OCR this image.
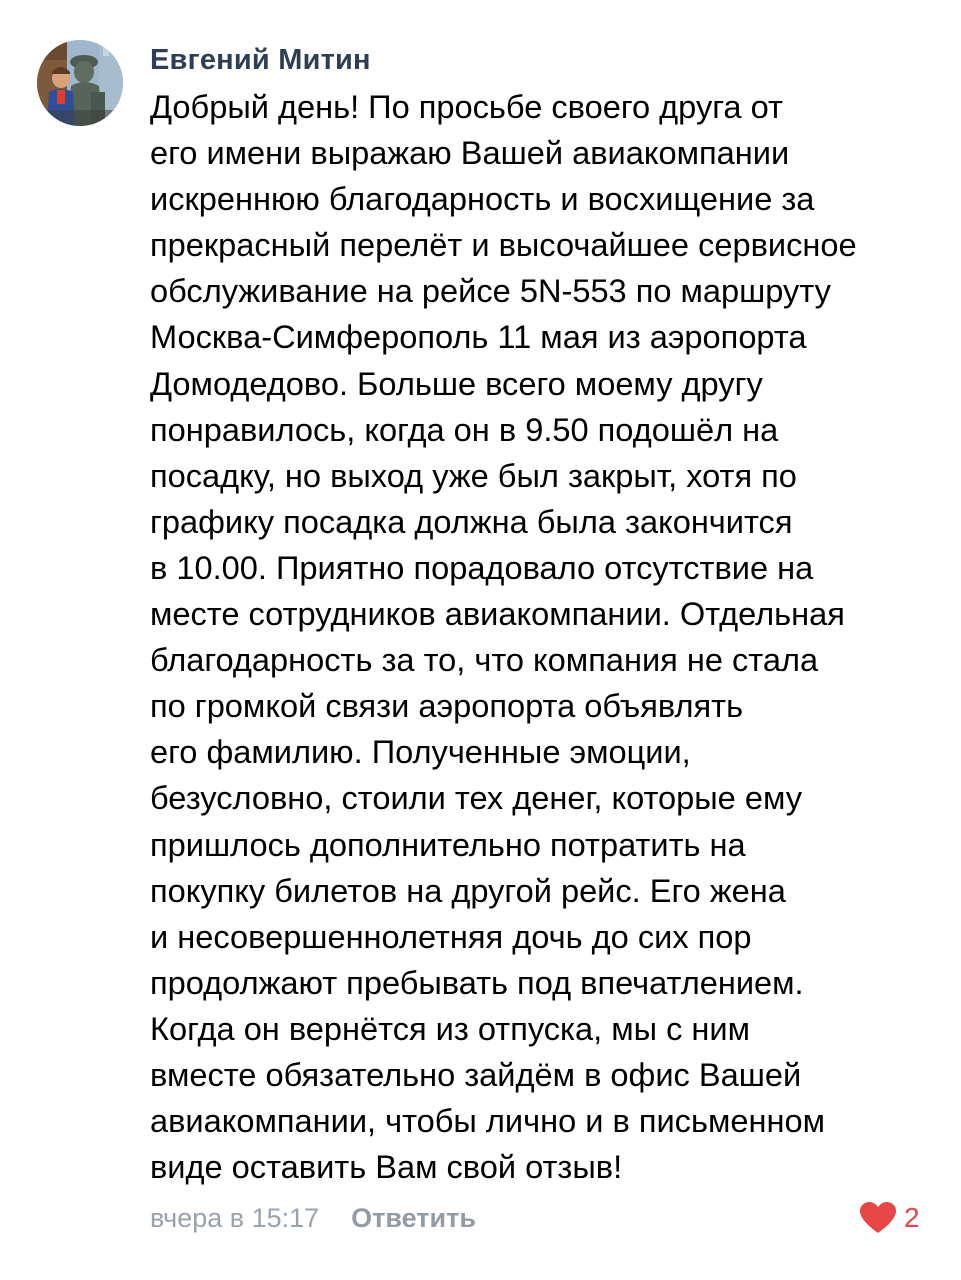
Евгений Митин

Добрый день! По просьбе своего друга от
его имени выражаю Вашей авиакомпании
искреннюю благодарность и восхищение за
прекрасный перелёт и высочайшее сервисное
обслуживание на рейсе 5N-553 по маршруту
Москва-Симферополь 11 мая из аэропорта
Домодедово. Больше всего моему другу
понравилось, когда он в 9.50 подошёл на
посадку, но выход уже был закрыт, хотя по
графику посадка должна была закончится
в 10.00. Приятно порадовало отсутствие на
месте сотрудников авиакомпании. Отдельная
благодарность за то, что компания не стала
по громкой связи аэропорта объявлять
его фамилию. Полученные эмоции,
безусловно, стоили тех денег, которые ему
пришлось дополнительно потратить на
покупку билетов на другой рейс. Его жена
и несовершеннолетняя дочь до сих пор
продолжают пребывать под впечатлением.
Когда он вернётся из отпуска, мы с ним
вместе обязательно зайдём в офис Вашей
авиакомпании, чтобы лично и в письменном
виде оставить Вам свой отзыв!

вчера в 15:17 Ответить	2
